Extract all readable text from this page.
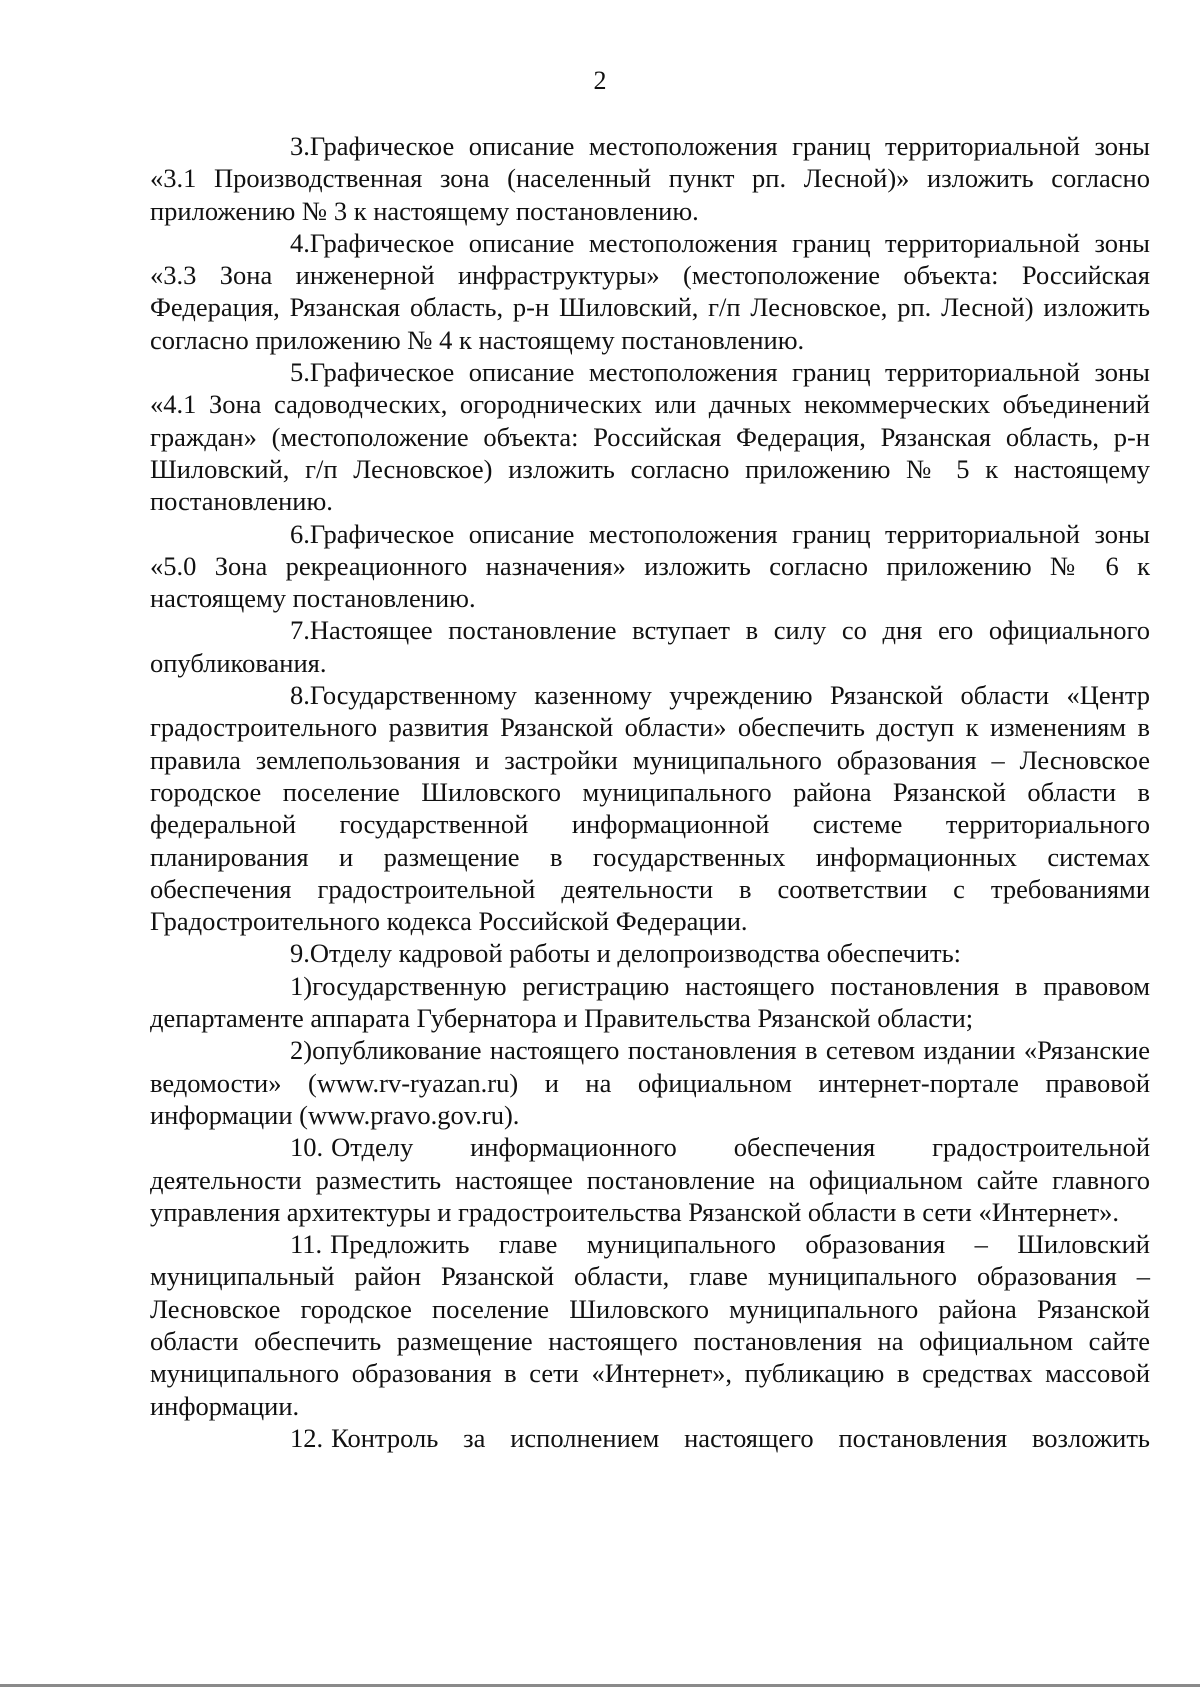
2

3.Графическое описание местоположения границ территориальной зоны «3.1 Производственная зона (населенный пункт рп. Лесной)» изложить согласно приложению № 3 к настоящему постановлению.

4.Графическое описание местоположения границ территориальной зоны «3.3 Зона инженерной инфраструктуры» (местоположение объекта: Российская Федерация, Рязанская область, р-н Шиловский, г/п Лесновское, рп. Лесной) изложить согласно приложению № 4 к настоящему постановлению.

5.Графическое описание местоположения границ территориальной зоны «4.1 Зона садоводческих, огороднических или дачных некоммерческих объединений граждан» (местоположение объекта: Российская Федерация, Рязанская область, р-н Шиловский, г/п Лесновское) изложить согласно приложению № 5 к настоящему постановлению.

6.Графическое описание местоположения границ территориальной зоны «5.0 Зона рекреационного назначения» изложить согласно приложению № 6 к настоящему постановлению.

7.Настоящее постановление вступает в силу со дня его официального опубликования.

8.Государственному казенному учреждению Рязанской области «Центр градостроительного развития Рязанской области» обеспечить доступ к изменениям в правила землепользования и застройки муниципального образования – Лесновское городское поселение Шиловского муниципального района Рязанской области в федеральной государственной информационной системе территориального планирования и размещение в государственных информационных системах обеспечения градостроительной деятельности в соответствии с требованиями Градостроительного кодекса Российской Федерации.

9.Отделу кадровой работы и делопроизводства обеспечить:

1)государственную регистрацию настоящего постановления в правовом департаменте аппарата Губернатора и Правительства Рязанской области;

2)опубликование настоящего постановления в сетевом издании «Рязанские ведомости» (www.rv-ryazan.ru) и на официальном интернет-портале правовой информации (www.pravo.gov.ru).

10. Отделу информационного обеспечения градостроительной деятельности разместить настоящее постановление на официальном сайте главного управления архитектуры и градостроительства Рязанской области в сети «Интернет».

11. Предложить главе муниципального образования – Шиловский муниципальный район Рязанской области, главе муниципального образования – Лесновское городское поселение Шиловского муниципального района Рязанской области обеспечить размещение настоящего постановления на официальном сайте муниципального образования в сети «Интернет», публикацию в средствах массовой информации.

12. Контроль за исполнением настоящего постановления возложить
